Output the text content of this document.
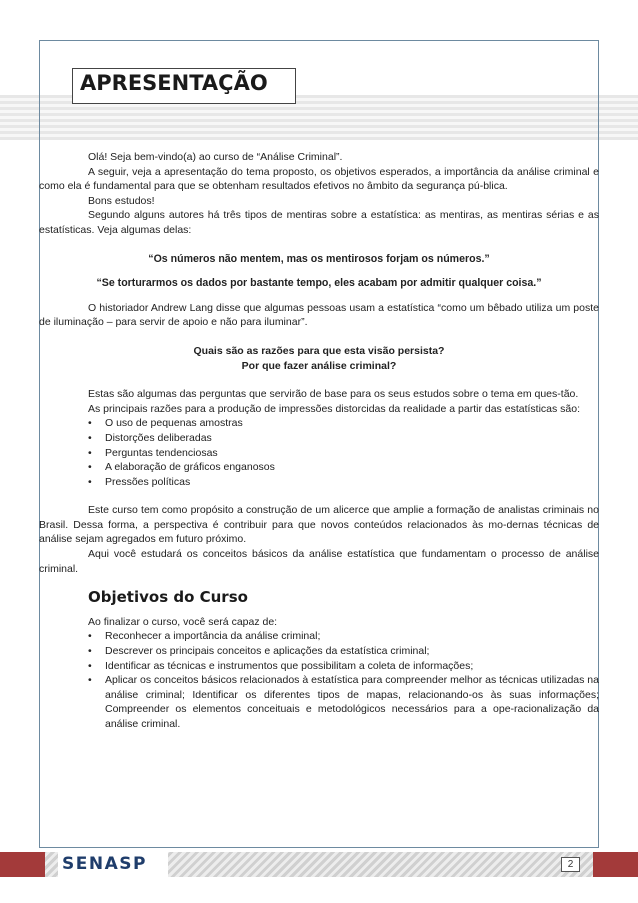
APRESENTAÇÃO

Olá! Seja bem-vindo(a) ao curso de “Análise Criminal”.

A seguir, veja a apresentação do tema proposto, os objetivos esperados, a importância da análise criminal e como ela é fundamental para que se obtenham resultados efetivos no âmbito da segurança pú-blica.

Bons estudos!

Segundo alguns autores há três tipos de mentiras sobre a estatística: as mentiras, as mentiras sérias e as estatísticas. Veja algumas delas:

“Os números não mentem, mas os mentirosos forjam os números.”

“Se torturarmos os dados por bastante tempo, eles acabam por admitir qualquer coisa.”

O historiador Andrew Lang disse que algumas pessoas usam a estatística “como um bêbado utiliza um poste de iluminação – para servir de apoio e não para iluminar”.

Quais são as razões para que esta visão persista?

Por que fazer análise criminal?

Estas são algumas das perguntas que servirão de base para os seus estudos sobre o tema em ques-tão.

As principais razões para a produção de impressões distorcidas da realidade a partir das estatísticas são:

• O uso de pequenas amostras
• Distorções deliberadas
• Perguntas tendenciosas
• A elaboração de gráficos enganosos
• Pressões políticas

Este curso tem como propósito a construção de um alicerce que amplie a formação de analistas criminais no Brasil. Dessa forma, a perspectiva é contribuir para que novos conteúdos relacionados às mo-dernas técnicas de análise sejam agregados em futuro próximo.

Aqui você estudará os conceitos básicos da análise estatística que fundamentam o processo de análise criminal.

Objetivos do Curso

Ao finalizar o curso, você será capaz de:

• Reconhecer a importância da análise criminal;
• Descrever os principais conceitos e aplicações da estatística criminal;
• Identificar as técnicas e instrumentos que possibilitam a coleta de informações;
• Aplicar os conceitos básicos relacionados à estatística para compreender melhor as técnicas utilizadas na análise criminal; Identificar os diferentes tipos de mapas, relacionando-os às suas informações; Compreender os elementos conceituais e metodológicos necessários para a ope-racionalização da análise criminal.
SENASP	2
